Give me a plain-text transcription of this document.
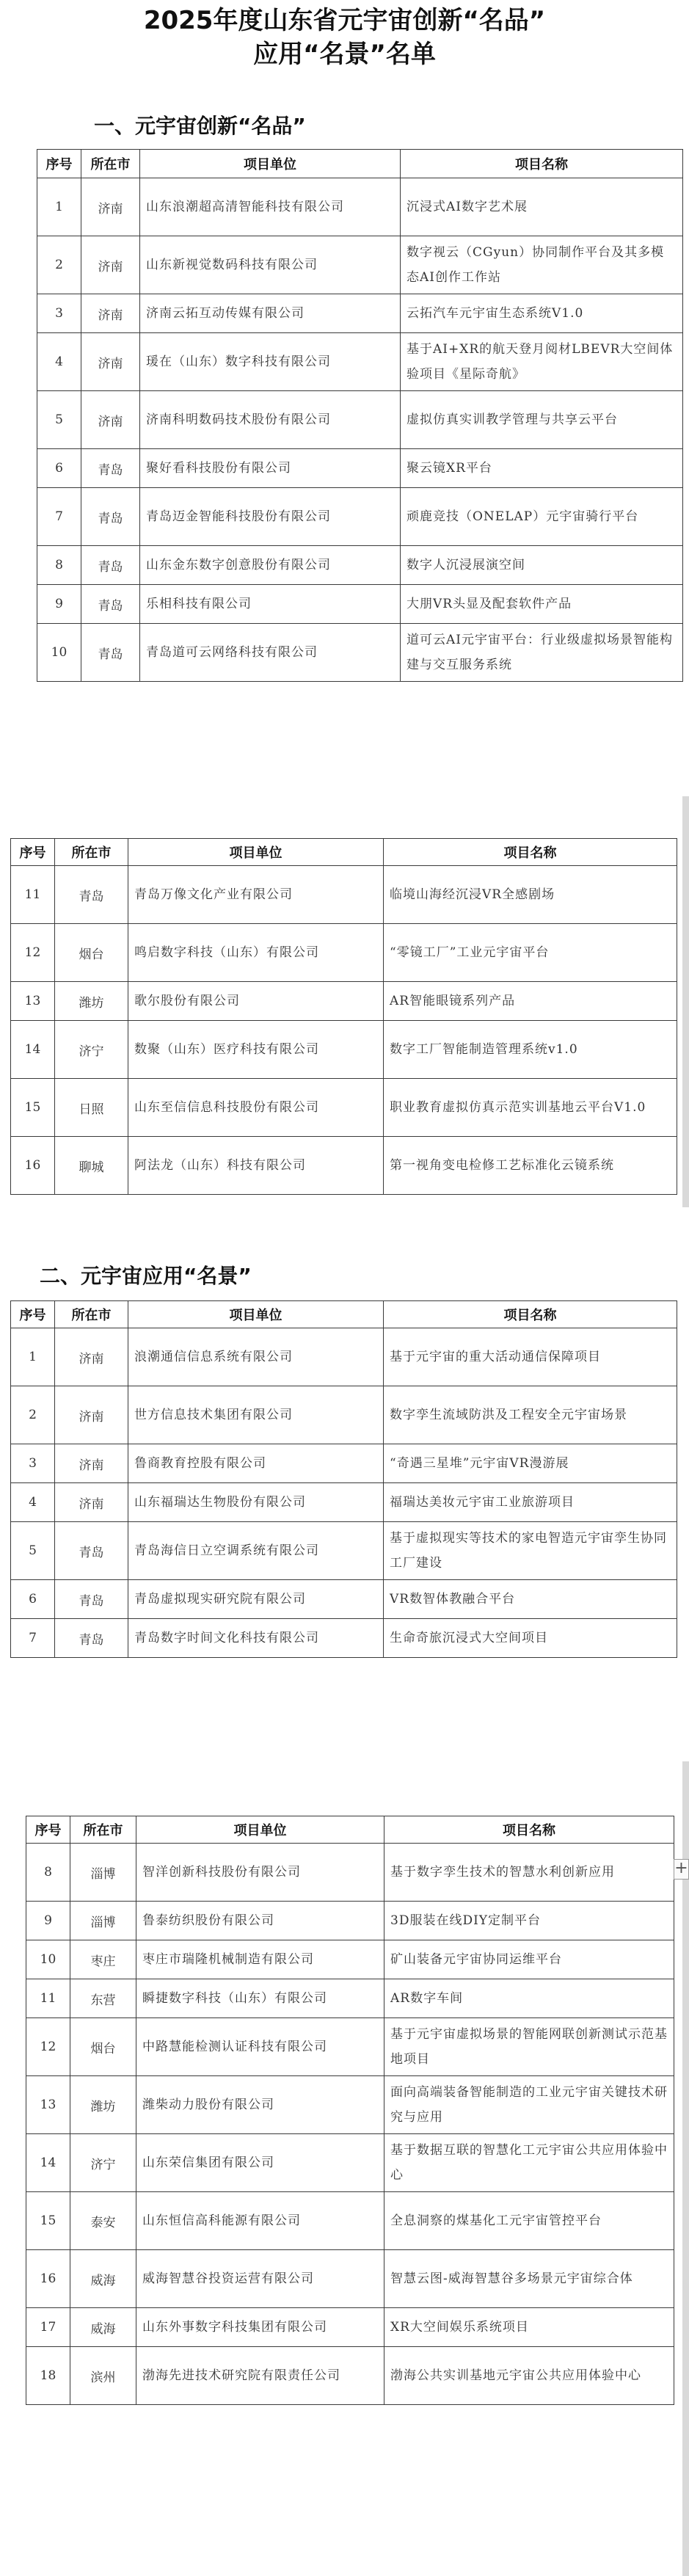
2025年度山东省元宇宙创新“名品”
应用“名景”名单
一、元宇宙创新“名品”
序号	所在市	项目单位	项目名称
1	济南	山东浪潮超高清智能科技有限公司	沉浸式AI数字艺术展
2	济南	山东新视觉数码科技有限公司	数字视云（CGyun）协同制作平台及其多模态AI创作工作站
3	济南	济南云拓互动传媒有限公司	云拓汽车元宇宙生态系统V1.0
4	济南	瑗在（山东）数字科技有限公司	基于AI+XR的航天登月阅材LBEVR大空间体验项目《星际奇航》
5	济南	济南科明数码技术股份有限公司	虚拟仿真实训教学管理与共享云平台
6	青岛	聚好看科技股份有限公司	聚云镜XR平台
7	青岛	青岛迈金智能科技股份有限公司	顽鹿竞技（ONELAP）元宇宙骑行平台
8	青岛	山东金东数字创意股份有限公司	数字人沉浸展演空间
9	青岛	乐相科技有限公司	大朋VR头显及配套软件产品
10	青岛	青岛道可云网络科技有限公司	道可云AI元宇宙平台：行业级虚拟场景智能构建与交互服务系统
序号	所在市	项目单位	项目名称
11	青岛	青岛万像文化产业有限公司	临境山海经沉浸VR全感剧场
12	烟台	鸣启数字科技（山东）有限公司	“零镜工厂”工业元宇宙平台
13	潍坊	歌尔股份有限公司	AR智能眼镜系列产品
14	济宁	数聚（山东）医疗科技有限公司	数字工厂智能制造管理系统v1.0
15	日照	山东至信信息科技股份有限公司	职业教育虚拟仿真示范实训基地云平台V1.0
16	聊城	阿法龙（山东）科技有限公司	第一视角变电检修工艺标准化云镜系统
二、元宇宙应用“名景”
序号	所在市	项目单位	项目名称
1	济南	浪潮通信信息系统有限公司	基于元宇宙的重大活动通信保障项目
2	济南	世方信息技术集团有限公司	数字孪生流域防洪及工程安全元宇宙场景
3	济南	鲁商教育控股有限公司	“奇遇三星堆”元宇宙VR漫游展
4	济南	山东福瑞达生物股份有限公司	福瑞达美妆元宇宙工业旅游项目
5	青岛	青岛海信日立空调系统有限公司	基于虚拟现实等技术的家电智造元宇宙孪生协同工厂建设
6	青岛	青岛虚拟现实研究院有限公司	VR数智体教融合平台
7	青岛	青岛数字时间文化科技有限公司	生命奇旅沉浸式大空间项目
序号	所在市	项目单位	项目名称
8	淄博	智洋创新科技股份有限公司	基于数字孪生技术的智慧水利创新应用
9	淄博	鲁泰纺织股份有限公司	3D服装在线DIY定制平台
10	枣庄	枣庄市瑞隆机械制造有限公司	矿山装备元宇宙协同运维平台
11	东营	瞬捷数字科技（山东）有限公司	AR数字车间
12	烟台	中路慧能检测认证科技有限公司	基于元宇宙虚拟场景的智能网联创新测试示范基地项目
13	潍坊	潍柴动力股份有限公司	面向高端装备智能制造的工业元宇宙关键技术研究与应用
14	济宁	山东荣信集团有限公司	基于数据互联的智慧化工元宇宙公共应用体验中心
15	泰安	山东恒信高科能源有限公司	全息洞察的煤基化工元宇宙管控平台
16	威海	威海智慧谷投资运营有限公司	智慧云图-威海智慧谷多场景元宇宙综合体
17	威海	山东外事数字科技集团有限公司	XR大空间娱乐系统项目
18	滨州	渤海先进技术研究院有限责任公司	渤海公共实训基地元宇宙公共应用体验中心
+
